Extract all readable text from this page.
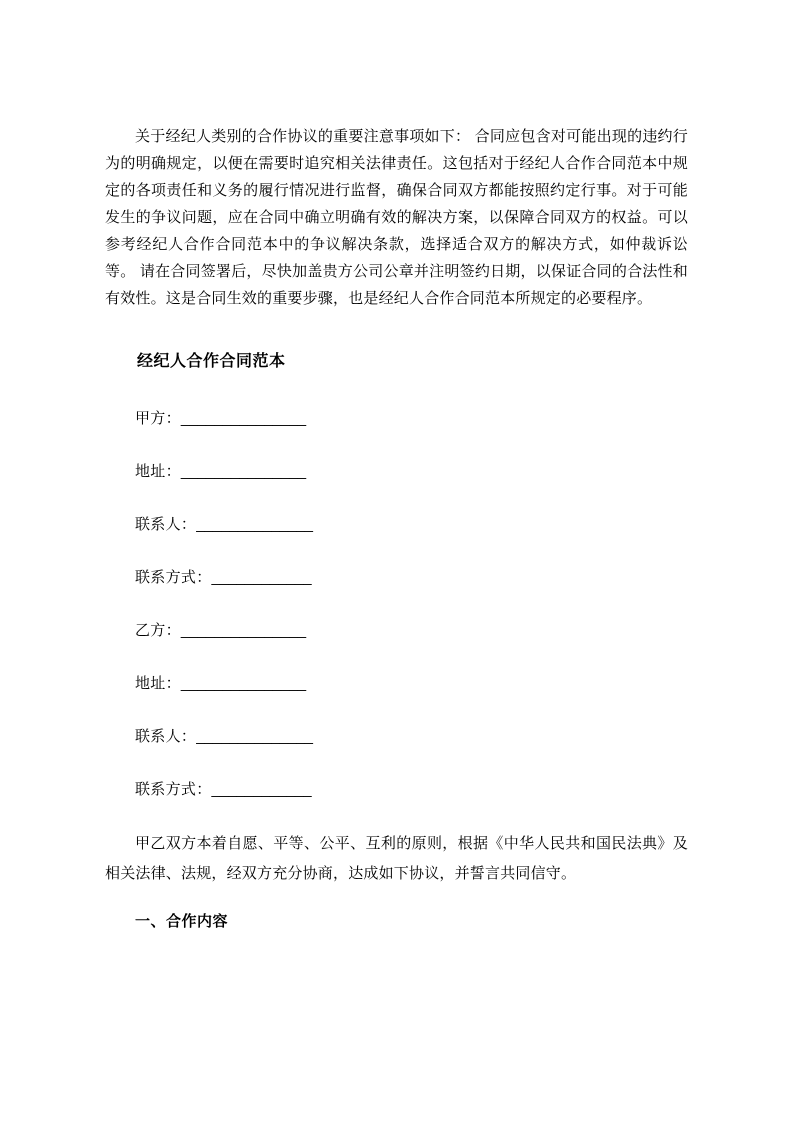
关于经纪人类别的合作协议的重要注意事项如下： 合同应包含对可能出现的违约行为的明确规定，以便在需要时追究相关法律责任。这包括对于经纪人合作合同范本中规定的各项责任和义务的履行情况进行监督，确保合同双方都能按照约定行事。对于可能发生的争议问题，应在合同中确立明确有效的解决方案，以保障合同双方的权益。可以参考经纪人合作合同范本中的争议解决条款，选择适合双方的解决方式，如仲裁诉讼等。 请在合同签署后，尽快加盖贵方公司公章并注明签约日期，以保证合同的合法性和有效性。这是合同生效的重要步骤，也是经纪人合作合同范本所规定的必要程序。

经纪人合作合同范本

甲方：_______________

地址：_______________

联系人：______________

联系方式：____________

乙方：_______________

地址：_______________

联系人：______________

联系方式：____________

甲乙双方本着自愿、平等、公平、互利的原则，根据《中华人民共和国民法典》及相关法律、法规，经双方充分协商，达成如下协议，并誓言共同信守。

一、合作内容
